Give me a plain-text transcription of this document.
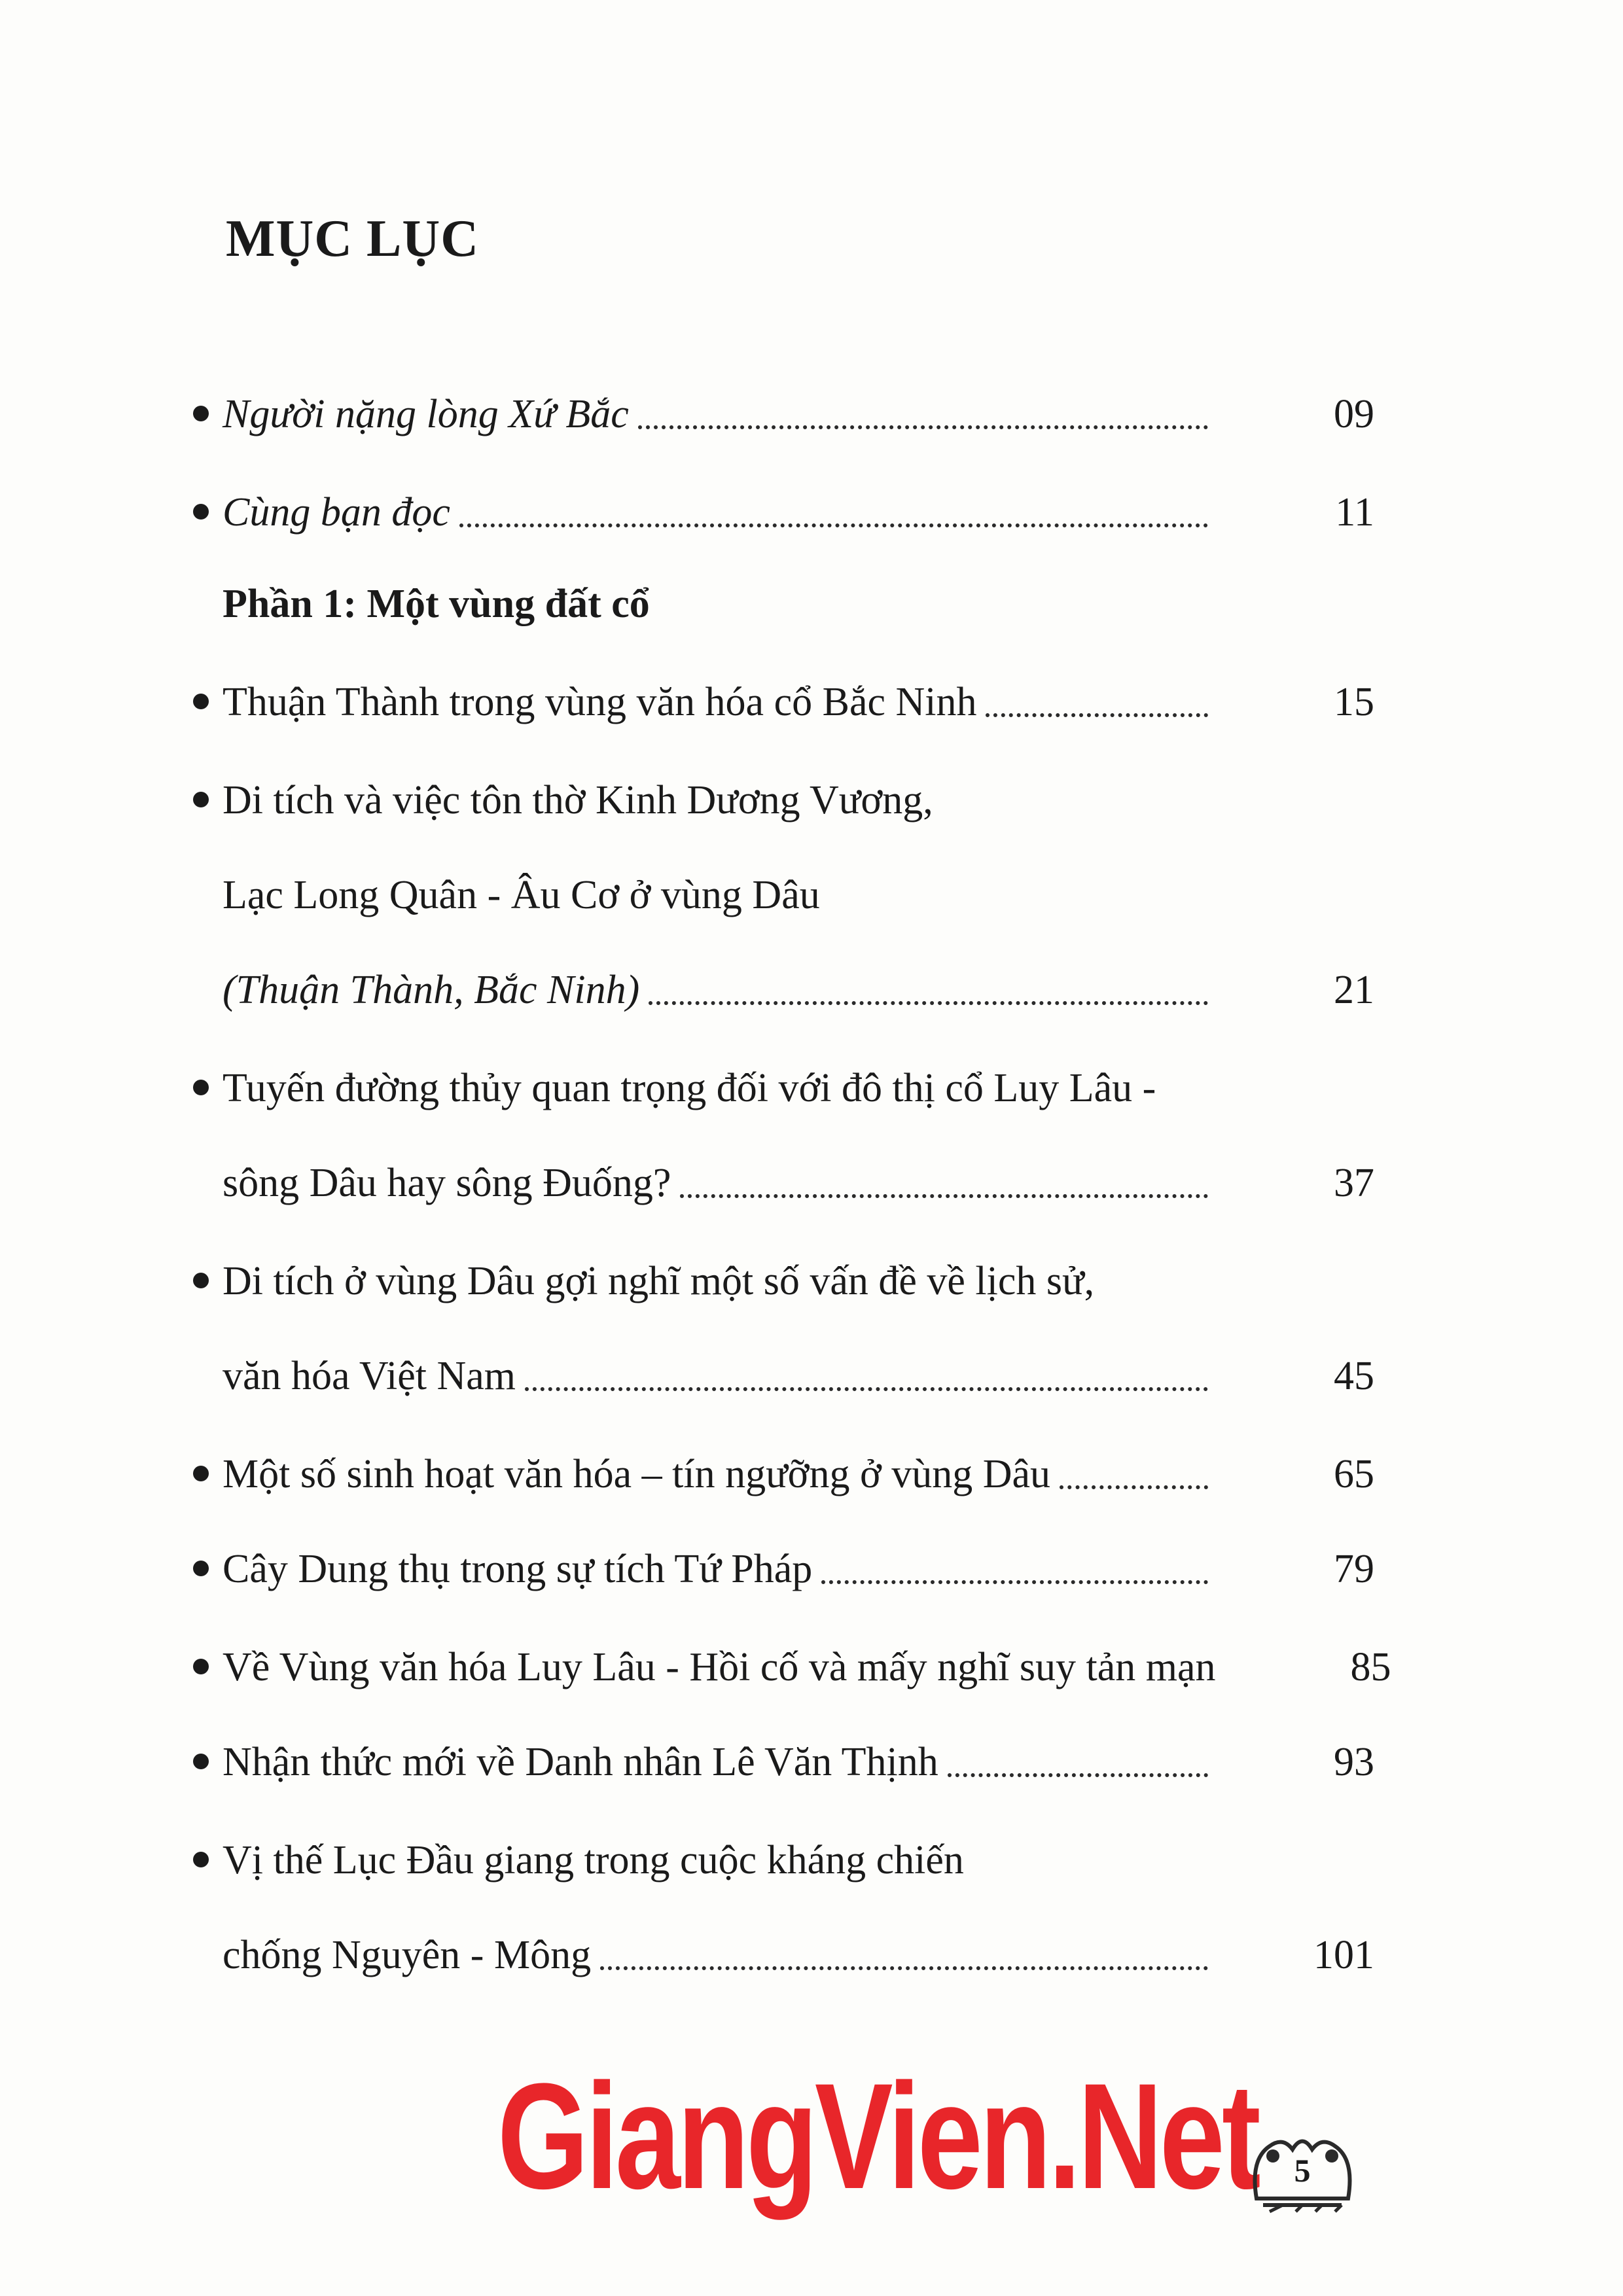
MỤC LỤC
Người nặng lòng Xứ Bắc	09
Cùng bạn đọc	11
Phần 1: Một vùng đất cổ
Thuận Thành trong vùng văn hóa cổ Bắc Ninh	15
Di tích và việc tôn thờ Kinh Dương Vương,
Lạc Long Quân - Âu Cơ ở vùng Dâu
(Thuận Thành, Bắc Ninh)	21
Tuyến đường thủy quan trọng đối với đô thị cổ Luy Lâu -
sông Dâu hay sông Đuống?	37
Di tích ở vùng Dâu gợi nghĩ một số vấn đề về lịch sử,
văn hóa Việt Nam	45
Một số sinh hoạt văn hóa – tín ngưỡng ở vùng Dâu	65
Cây Dung thụ trong sự tích Tứ Pháp	79
Về Vùng văn hóa Luy Lâu - Hồi cố và mấy nghĩ suy tản mạn	85
Nhận thức mới về Danh nhân Lê Văn Thịnh	93
Vị thế Lục Đầu giang trong cuộc kháng chiến
chống Nguyên - Mông	101
GiangVien.Net	5
